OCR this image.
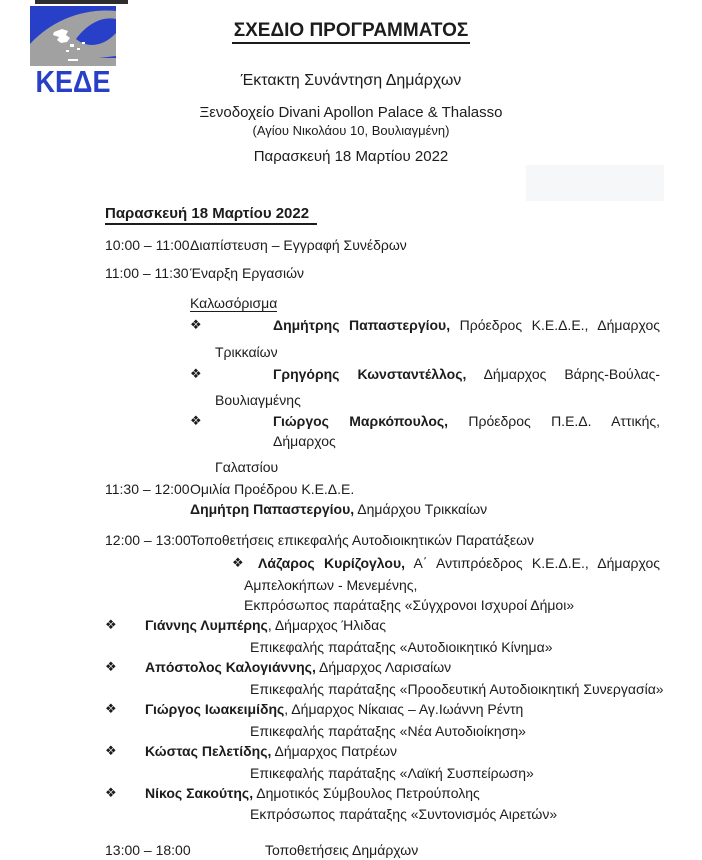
ΚΕΔΕ
ΣΧΕΔΙΟ ΠΡΟΓΡΑΜΜΑΤΟΣ
Έκτακτη Συνάντηση Δημάρχων
Ξενοδοχείο Divani Apollon Palace & Thalasso
(Αγίου Νικολάου 10, Βουλιαγμένη)
Παρασκευή 18 Μαρτίου 2022
Παρασκευή 18 Μαρτίου 2022
10:00 – 11:00 Διαπίστευση – Εγγραφή Συνέδρων
11:00 – 11:30 Έναρξη Εργασιών
Καλωσόρισμα
❖	Δημήτρης Παπαστεργίου, Πρόεδρος Κ.Ε.Δ.Ε., Δήμαρχος
Τρικκαίων
❖	Γρηγόρης Κωνσταντέλλος, Δήμαρχος Βάρης-Βούλας-
Βουλιαγμένης
❖	Γιώργος Μαρκόπουλος, Πρόεδρος Π.Ε.Δ. Αττικής, Δήμαρχος
Γαλατσίου
11:30 – 12:00 Ομιλία Προέδρου Κ.Ε.Δ.Ε.
Δημήτρη Παπαστεργίου, Δημάρχου Τρικκαίων
12:00 – 13:00 Τοποθετήσεις επικεφαλής Αυτοδιοικητικών Παρατάξεων
❖ Λάζαρος Κυρίζογλου, Α΄ Αντιπρόεδρος Κ.Ε.Δ.Ε., Δήμαρχος
Αμπελοκήπων - Μενεμένης,
Εκπρόσωπος παράταξης «Σύγχρονοι Ισχυροί Δήμοι»
❖ Γιάννης Λυμπέρης, Δήμαρχος Ήλιδας
Επικεφαλής παράταξης «Αυτοδιοικητικό Κίνημα»
❖ Απόστολος Καλογιάννης, Δήμαρχος Λαρισαίων
Επικεφαλής παράταξης «Προοδευτική Αυτοδιοικητική Συνεργασία»
❖ Γιώργος Ιωακειμίδης, Δήμαρχος Νίκαιας – Αγ.Ιωάννη Ρέντη
Επικεφαλής παράταξης «Νέα Αυτοδιοίκηση»
❖ Κώστας Πελετίδης, Δήμαρχος Πατρέων
Επικεφαλής παράταξης «Λαϊκή Συσπείρωση»
❖ Νίκος Σακούτης, Δημοτικός Σύμβουλος Πετρούπολης
Εκπρόσωπος παράταξης «Συντονισμός Αιρετών»
13:00 – 18:00	Τοποθετήσεις Δημάρχων
